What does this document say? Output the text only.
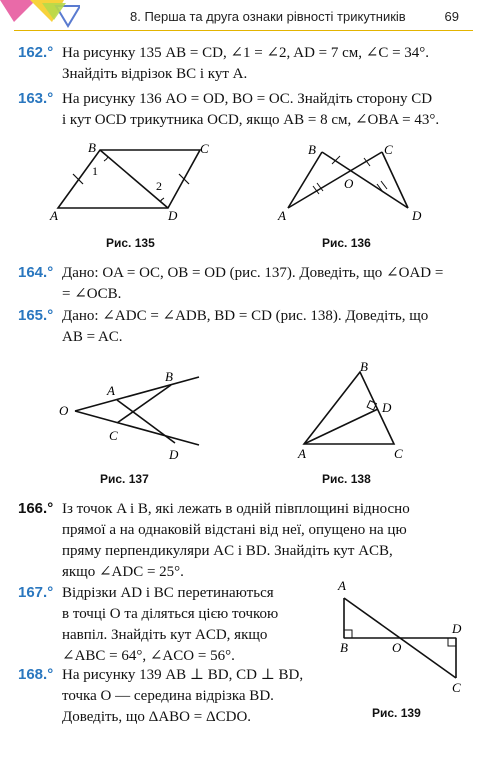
8. Перша та друга ознаки рівності трикутників	69
162.° На рисунку 135 AB = CD, ∠1 = ∠2, AD = 7 см, ∠C = 34°.
Знайдіть відрізок BC і кут A.
163.° На рисунку 136 AO = OD, BO = OC. Знайдіть сторону CD
і кут OCD трикутника OCD, якщо AB = 8 см, ∠OBA = 43°.
B	C
A	D
1
2
Рис. 135
B	C
A	D
O
Рис. 136
164.° Дано: OA = OC, OB = OD (рис. 137). Доведіть, що ∠OAD =
= ∠OCB.
165.° Дано: ∠ADC = ∠ADB, BD = CD (рис. 138). Доведіть, що
AB = AC.
O
A
B
C
D
Рис. 137
B
D
A	C
Рис. 138
166.° Із точок A і B, які лежать в одній півплощині відносно
прямої a на однаковій відстані від неї, опущено на цю
пряму перпендикуляри AC і BD. Знайдіть кут ACB,
якщо ∠ADC = 25°.
167.° Відрізки AD і BC перетинаються
в точці O та діляться цією точкою
навпіл. Знайдіть кут ACD, якщо
∠ABC = 64°, ∠ACO = 56°.
168.° На рисунку 139 AB ⊥ BD, CD ⊥ BD,
точка O — середина відрізка BD.
Доведіть, що ΔABO = ΔCDO.
A
B	O
D
C
Рис. 139
